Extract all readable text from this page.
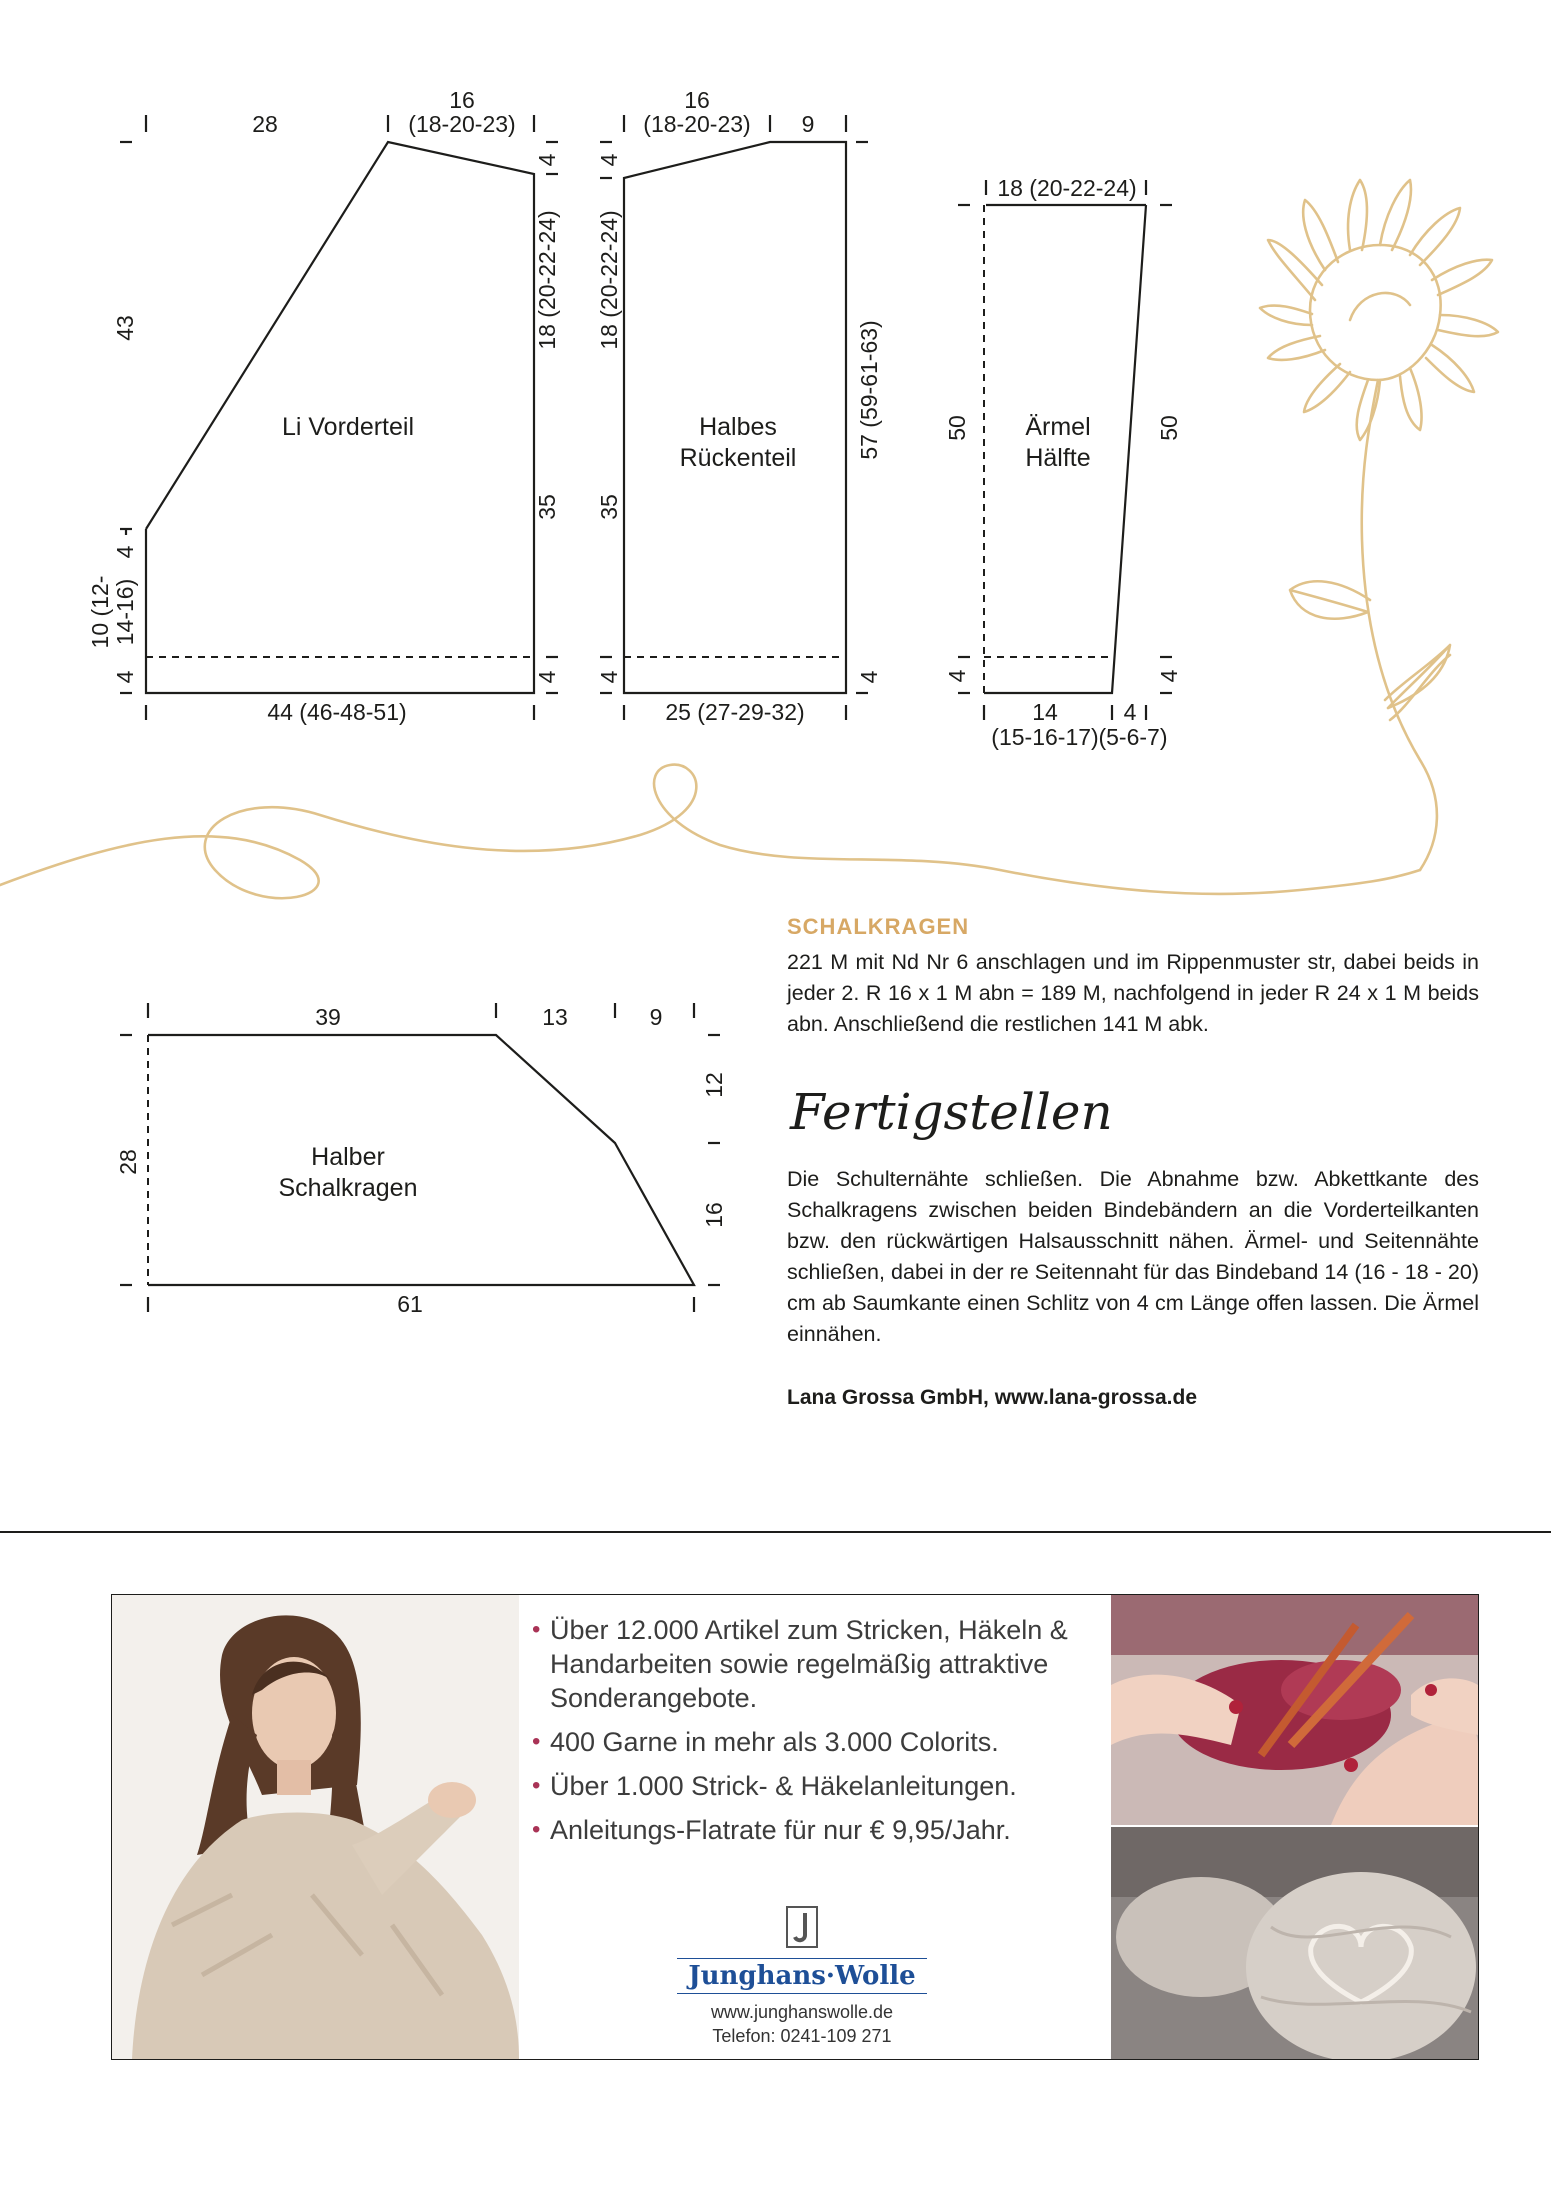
28
16
(18-20-23)
43
4
10 (12- 14-16)
4
4
18 (20-22-24)
35
4
44 (46-48-51)
Li Vorderteil
16
(18-20-23) 9
4
18 (20-22-24)
35
4
57 (59-61-63)
4
25 (27-29-32)
Halbes
Rückenteil
18 (20-22-24)
50	50
4	4
14
(15-16-17)
4
(5-6-7)
Ärmel
Hälfte
39	13	9
28
12
16
61
Halber
Schalkragen
SCHALKRAGEN
221 M mit Nd Nr 6 anschlagen und im Rippenmuster str, dabei beids in jeder 2. R 16 x 1 M abn = 189 M, nachfolgend in jeder R 24 x 1 M beids abn. Anschließend die restlichen 141 M abk.
Fertigstellen
Die Schulternähte schließen. Die Abnahme bzw. Abkettkante des Schalkragens zwischen beiden Bindebändern an die Vorderteilkanten bzw. den rückwärtigen Halsausschnitt nähen. Ärmel- und Seitennähte schließen, dabei in der re Seitennaht für das Bindeband 14 (16 - 18 - 20) cm ab Saumkante einen Schlitz von 4 cm Länge offen lassen. Die Ärmel einnähen.
Lana Grossa GmbH, www.lana-grossa.de
• Über 12.000 Artikel zum Stricken, Häkeln & Handarbeiten sowie regelmäßig attraktive Sonderangebote.
• 400 Garne in mehr als 3.000 Colorits.
• Über 1.000 Strick- & Häkelanleitungen.
• Anleitungs-Flatrate für nur € 9,95/Jahr.
Junghans·Wolle
www.junghanswolle.de
Telefon: 0241-109 271
